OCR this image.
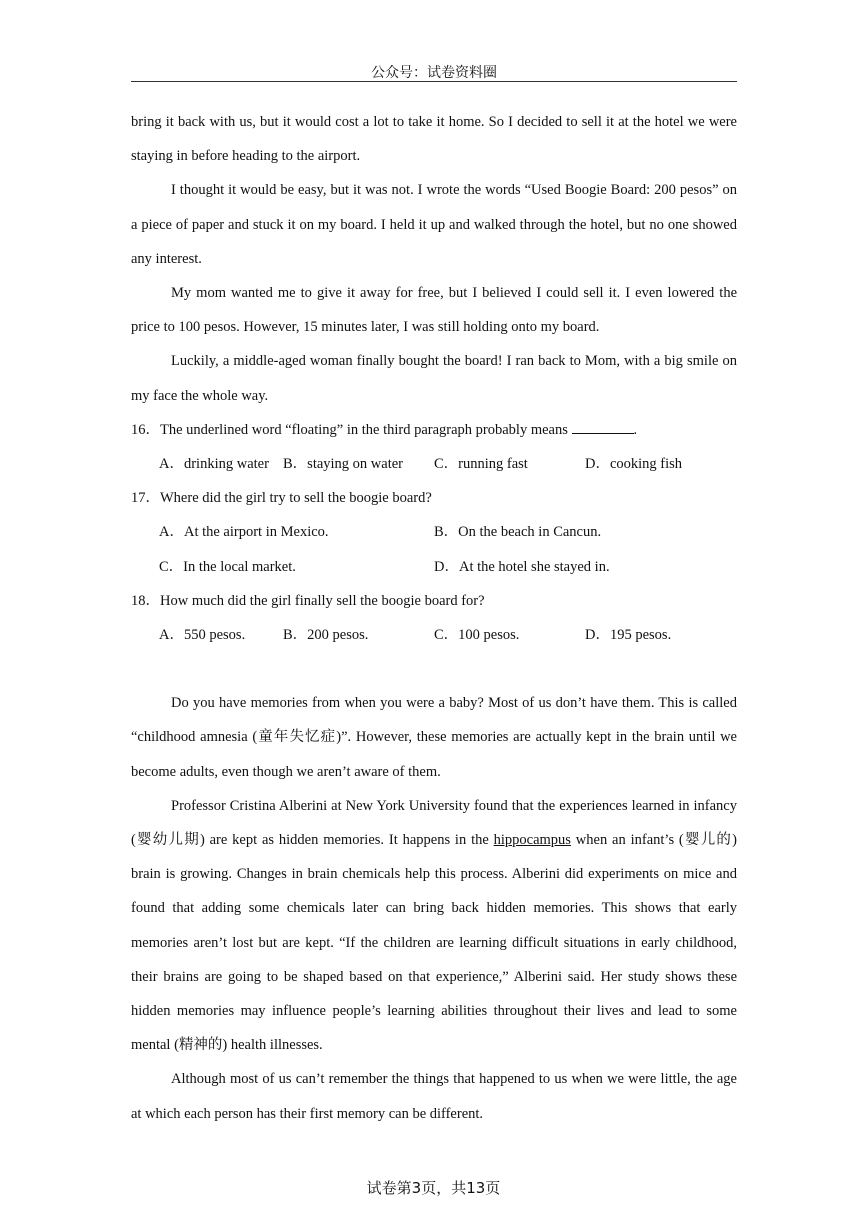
公众号：试卷资料圈

bring it back with us, but it would cost a lot to take it home. So I decided to sell it at the hotel we were staying in before heading to the airport.

I thought it would be easy, but it was not. I wrote the words “Used Boogie Board: 200 pesos” on a piece of paper and stuck it on my board. I held it up and walked through the hotel, but no one showed any interest.

My mom wanted me to give it away for free, but I believed I could sell it. I even lowered the price to 100 pesos. However, 15 minutes later, I was still holding onto my board.

Luckily, a middle-aged woman finally bought the board! I ran back to Mom, with a big smile on my face the whole way.

16．The underlined word “floating” in the third paragraph probably means	.
A．drinking water B．staying on water C．running fast	D．cooking fish
17．Where did the girl try to sell the boogie board?
A．At the airport in Mexico.	B．On the beach in Cancun.
C．In the local market.	D．At the hotel she stayed in.
18．How much did the girl finally sell the boogie board for?
A．550 pesos.	B．200 pesos.	C．100 pesos.	D．195 pesos.

Do you have memories from when you were a baby? Most of us don’t have them. This is called “childhood amnesia (童年失忆症)”. However, these memories are actually kept in the brain until we become adults, even though we aren’t aware of them.

Professor Cristina Alberini at New York University found that the experiences learned in infancy (婴幼儿期) are kept as hidden memories. It happens in the hippocampus when an infant’s (婴儿的) brain is growing. Changes in brain chemicals help this process. Alberini did experiments on mice and found that adding some chemicals later can bring back hidden memories. This shows that early memories aren’t lost but are kept. “If the children are learning difficult situations in early childhood, their brains are going to be shaped based on that experience,” Alberini said. Her study shows these hidden memories may influence people’s learning abilities throughout their lives and lead to some mental (精神的) health illnesses.

Although most of us can’t remember the things that happened to us when we were little, the age at which each person has their first memory can be different.

试卷第3页，共13页
